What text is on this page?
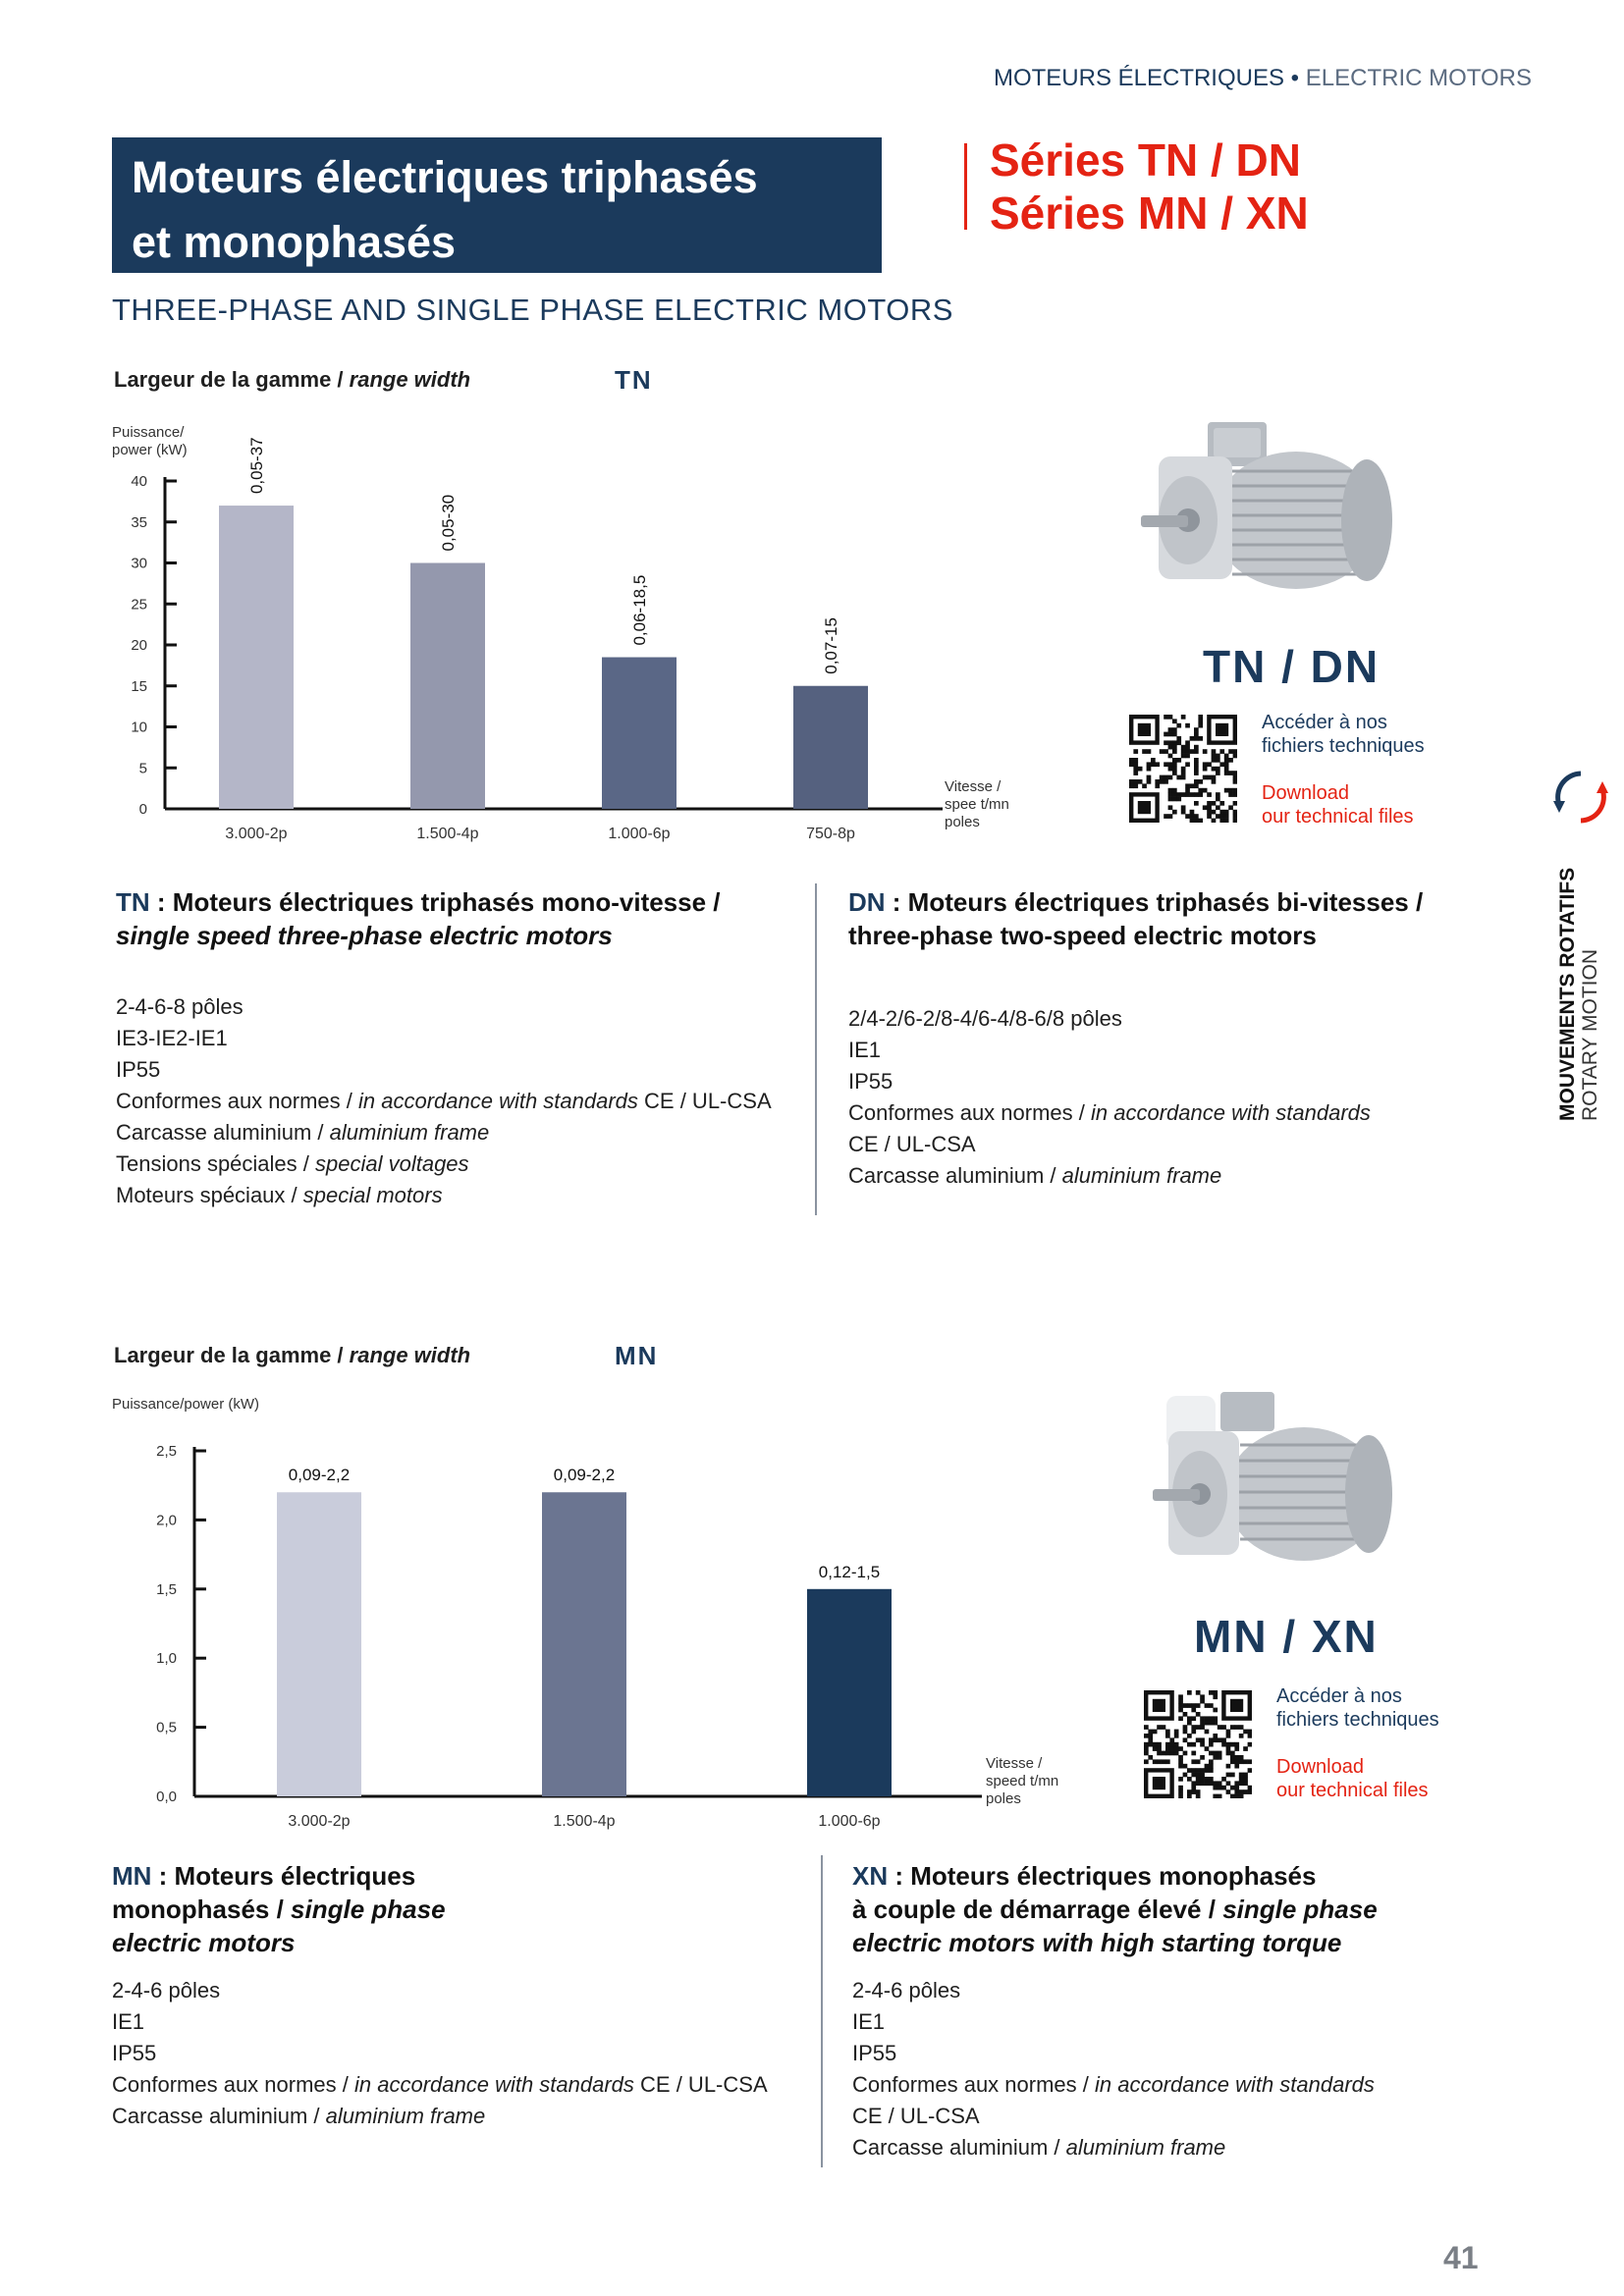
MOTEURS ÉLECTRIQUES • ELECTRIC MOTORS
Moteurs électriques triphasés
et monophasés
Séries TN / DN
Séries MN / XN
THREE-PHASE AND SINGLE PHASE ELECTRIC MOTORS
Largeur de la gamme / range width	TN
Puissance/
power (kW)
Vitesse /
spee t/mn
poles
0
5
10
15
20
25
30
35
40
3.000-2p
0,05-37
1.500-4p
0,05-30
1.000-6p
0,06-18,5
750-8p
0,07-15	TN / DN
Accéder à nos
fichiers techniques
Download
our technical files
TN : Moteurs électriques triphasés mono-vitesse /
single speed three-phase electric motors
2-4-6-8 pôles
IE3-IE2-IE1
IP55
Conformes aux normes / in accordance with standards CE / UL-CSA
Carcasse aluminium / aluminium frame
Tensions spéciales / special voltages
Moteurs spéciaux / special motors
DN : Moteurs électriques triphasés bi-vitesses /
three-phase two-speed electric motors
2/4-2/6-2/8-4/6-4/8-6/8 pôles
IE1
IP55
Conformes aux normes / in accordance with standards
CE / UL-CSA
Carcasse aluminium / aluminium frame
Largeur de la gamme / range width	MN
Puissance/power (kW)
Vitesse /
speed t/mn
poles
0,0
0,5
1,0
1,5
2,0
2,5
3.000-2p
0,09-2,2
1.500-4p
0,09-2,2
1.000-6p
0,12-1,5
MN / XN
Accéder à nos
fichiers techniques
Download
our technical files
MN : Moteurs électriques
monophasés / single phase
electric motors
2-4-6 pôles
IE1
IP55
Conformes aux normes / in accordance with standards CE / UL-CSA
Carcasse aluminium / aluminium frame
XN : Moteurs électriques monophasés
à couple de démarrage élevé / single phase
electric motors with high starting torque
2-4-6 pôles
IE1
IP55
Conformes aux normes / in accordance with standards
CE / UL-CSA
Carcasse aluminium / aluminium frame
MOUVEMENTS ROTATIFS ROTARY MOTION
41
